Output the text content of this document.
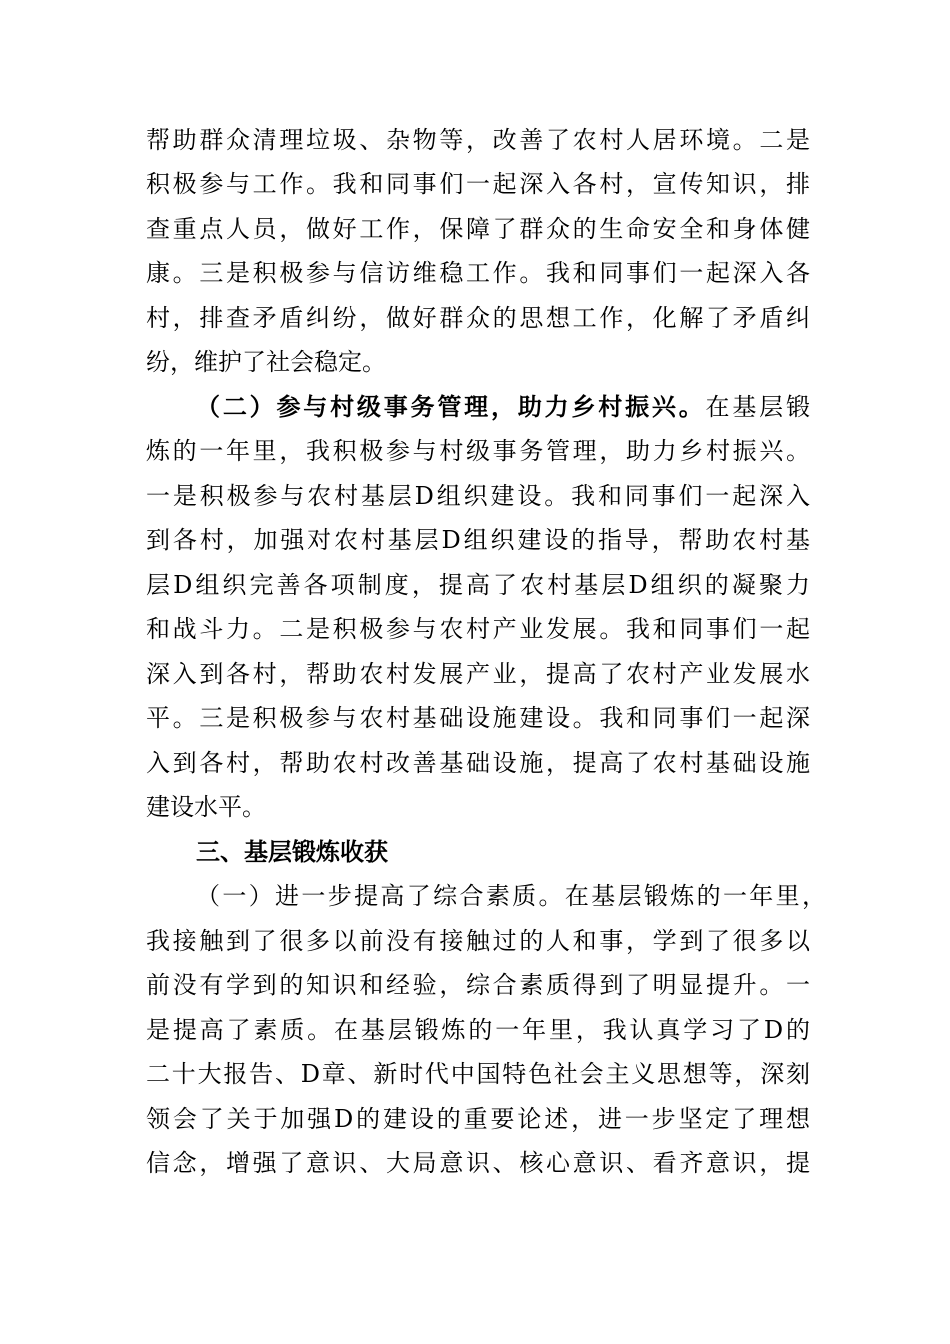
帮助群众清理垃圾、杂物等，改善了农村人居环境。二是
积极参与工作。我和同事们一起深入各村，宣传知识，排
查重点人员，做好工作，保障了群众的生命安全和身体健
康。三是积极参与信访维稳工作。我和同事们一起深入各
村，排查矛盾纠纷，做好群众的思想工作，化解了矛盾纠
纷，维护了社会稳定。
（二）参与村级事务管理，助力乡村振兴。在基层锻
炼的一年里，我积极参与村级事务管理，助力乡村振兴。
一是积极参与农村基层D组织建设。我和同事们一起深入
到各村，加强对农村基层D组织建设的指导，帮助农村基
层D组织完善各项制度，提高了农村基层D组织的凝聚力
和战斗力。二是积极参与农村产业发展。我和同事们一起
深入到各村，帮助农村发展产业，提高了农村产业发展水
平。三是积极参与农村基础设施建设。我和同事们一起深
入到各村，帮助农村改善基础设施，提高了农村基础设施
建设水平。
三、基层锻炼收获
（一）进一步提高了综合素质。在基层锻炼的一年里，
我接触到了很多以前没有接触过的人和事，学到了很多以
前没有学到的知识和经验，综合素质得到了明显提升。一
是提高了素质。在基层锻炼的一年里，我认真学习了D的
二十大报告、D章、新时代中国特色社会主义思想等，深刻
领会了关于加强D的建设的重要论述，进一步坚定了理想
信念，增强了意识、大局意识、核心意识、看齐意识，提
